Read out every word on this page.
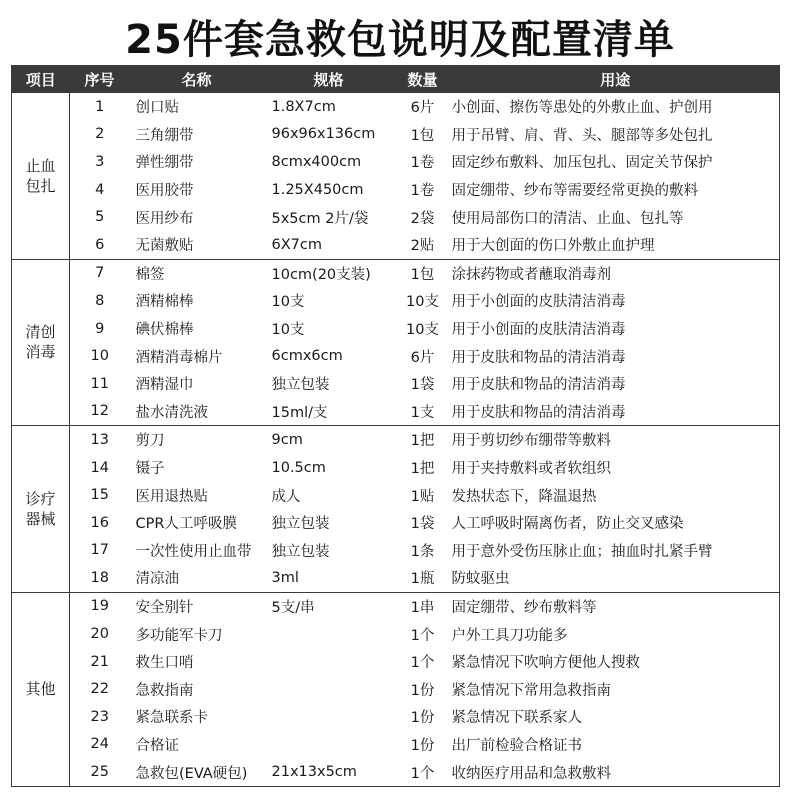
25件套急救包说明及配置清单
项目	序号	名称	规格	数量	用途

止血
包扎	1	创口贴	1.8X7cm	6片	小创面、擦伤等患处的外敷止血、护创用
	2	三角绷带	96x96x136cm	1包	用于吊臂、肩、背、头、腿部等多处包扎
	3	弹性绷带	8cmx400cm	1卷	固定纱布敷料、加压包扎、固定关节保护
	4	医用胶带	1.25X450cm	1卷	固定绷带、纱布等需要经常更换的敷料
	5	医用纱布	5x5cm 2片/袋	2袋	使用局部伤口的清洁、止血、包扎等
	6	无菌敷贴	6X7cm	2贴	用于大创面的伤口外敷止血护理

清创
消毒	7	棉签	10cm(20支装)	1包	涂抹药物或者蘸取消毒剂
	8	酒精棉棒	10支	10支	用于小创面的皮肤清洁消毒
	9	碘伏棉棒	10支	10支	用于小创面的皮肤清洁消毒
	10	酒精消毒棉片	6cmx6cm	6片	用于皮肤和物品的清洁消毒
	11	酒精湿巾	独立包装	1袋	用于皮肤和物品的清洁消毒
	12	盐水清洗液	15ml/支	1支	用于皮肤和物品的清洁消毒

诊疗
器械	13	剪刀	9cm	1把	用于剪切纱布绷带等敷料
	14	镊子	10.5cm	1把	用于夹持敷料或者软组织
	15	医用退热贴	成人	1贴	发热状态下，降温退热
	16	CPR人工呼吸膜	独立包装	1袋	人工呼吸时隔离伤者，防止交叉感染
	17	一次性使用止血带	独立包装	1条	用于意外受伤压脉止血；抽血时扎紧手臂
	18	清凉油	3ml	1瓶	防蚊驱虫

其他	19	安全别针	5支/串	1串	固定绷带、纱布敷料等
	20	多功能军卡刀		1个	户外工具刀功能多
	21	救生口哨		1个	紧急情况下吹响方便他人搜救
	22	急救指南		1份	紧急情况下常用急救指南
	23	紧急联系卡		1份	紧急情况下联系家人
	24	合格证		1份	出厂前检验合格证书
	25	急救包(EVA硬包)	21x13x5cm	1个	收纳医疗用品和急救敷料
